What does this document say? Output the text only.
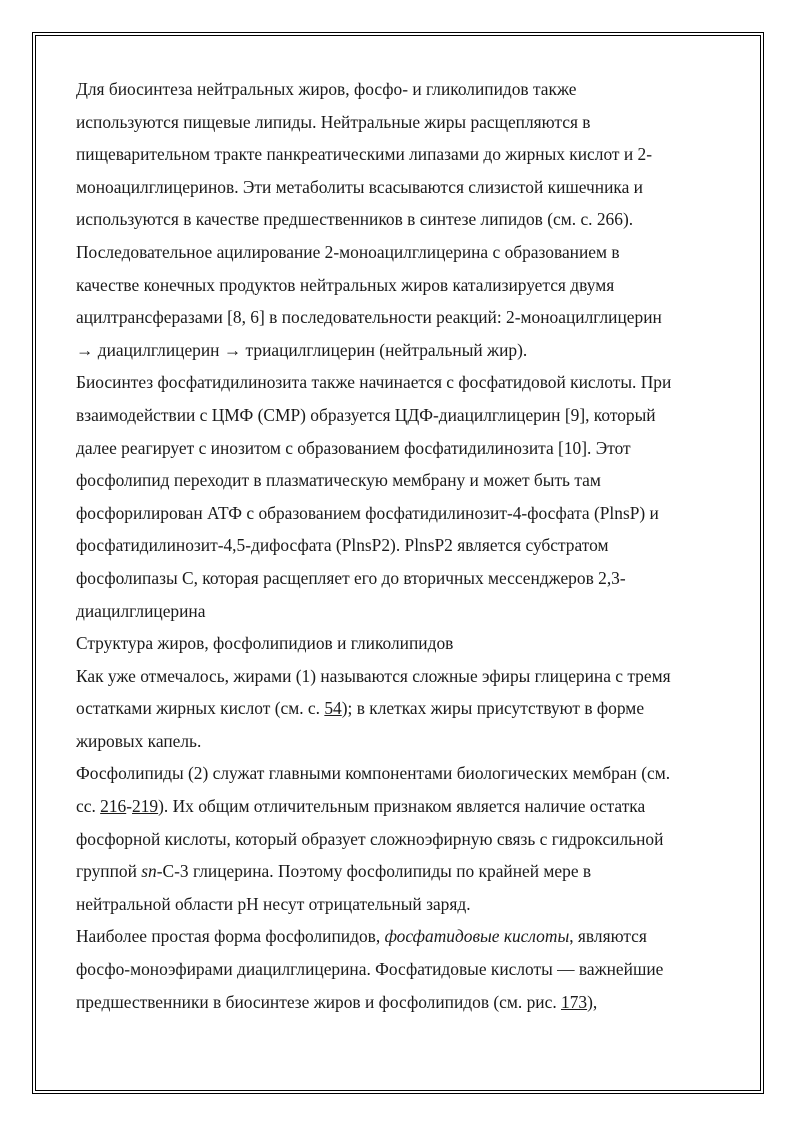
Для биосинтеза нейтральных жиров, фосфо- и гликолипидов также
используются пищевые липиды. Нейтральные жиры расщепляются в
пищеварительном тракте панкреатическими липазами до жирных кислот и 2-
моноацилглицеринов. Эти метаболиты всасываются слизистой кишечника и
используются в качестве предшественников в синтезе липидов (см. с. 266).
Последовательное ацилирование 2-моноацилглицерина с образованием в
качестве конечных продуктов нейтральных жиров катализируется двумя
ацилтрансферазами [8, 6] в последовательности реакций: 2-моноацилглицерин
→ диацилглицерин → триацилглицерин (нейтральный жир).
Биосинтез фосфатидилинозита также начинается с фосфатидовой кислоты. При
взаимодействии с ЦМФ (CMP) образуется ЦДФ-диацилглицерин [9], который
далее реагирует с инозитом с образованием фосфатидилинозита [10]. Этот
фосфолипид переходит в плазматическую мембрану и может быть там
фосфорилирован АТФ с образованием фосфатидилинозит-4-фосфата (PlnsP) и
фосфатидилинозит-4,5-дифосфата (PlnsP2). PlnsP2 является субстратом
фосфолипазы С, которая расщепляет его до вторичных мессенджеров 2,3-
диацилглицерина
Структура жиров, фосфолипидиов и гликолипидов
Как уже отмечалось, жирами (1) называются сложные эфиры глицерина с тремя
остатками жирных кислот (см. с. 54); в клетках жиры присутствуют в форме
жировых капель.
Фосфолипиды (2) служат главными компонентами биологических мембран (см.
сс. 216-219). Их общим отличительным признаком является наличие остатка
фосфорной кислоты, который образует сложноэфирную связь с гидроксильной
группой sn-С-3 глицерина. Поэтому фосфолипиды по крайней мере в
нейтральной области pH несут отрицательный заряд.
Наиболее простая форма фосфолипидов, фосфатидовые кислоты, являются
фосфо-моноэфирами диацилглицерина. Фосфатидовые кислоты — важнейшие
предшественники в биосинтезе жиров и фосфолипидов (см. рис. 173),
